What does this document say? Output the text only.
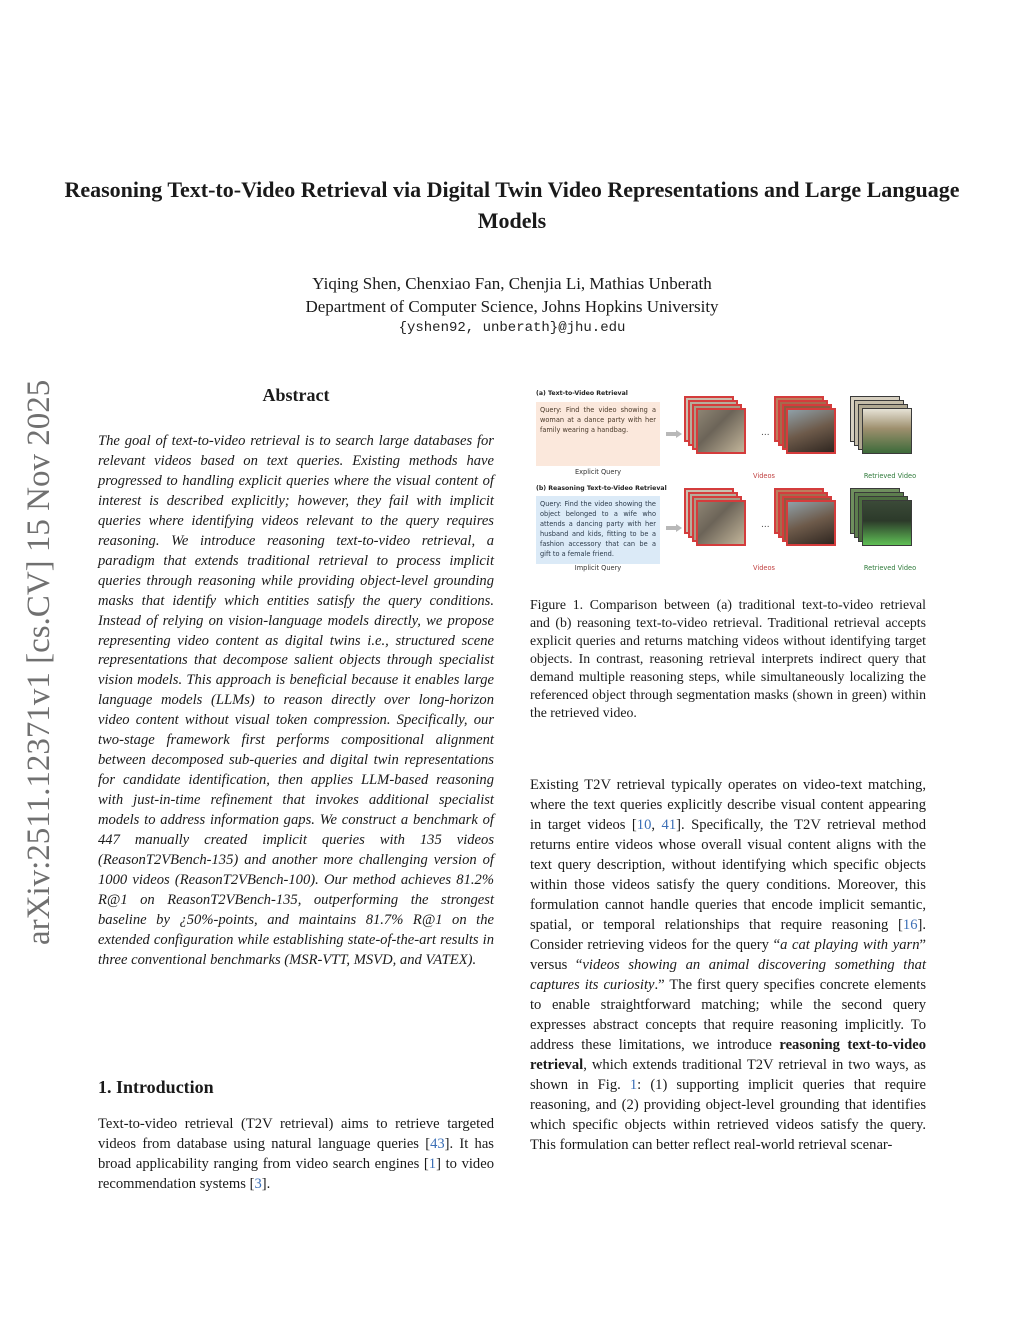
arXiv:2511.12371v1 [cs.CV] 15 Nov 2025
Reasoning Text-to-Video Retrieval via Digital Twin Video Representations and Large Language Models
Yiqing Shen, Chenxiao Fan, Chenjia Li, Mathias Unberath
Department of Computer Science, Johns Hopkins University
{yshen92, unberath}@jhu.edu
Abstract
The goal of text-to-video retrieval is to search large databases for relevant videos based on text queries. Existing methods have progressed to handling explicit queries where the visual content of interest is described explicitly; however, they fail with implicit queries where identifying videos relevant to the query requires reasoning. We introduce reasoning text-to-video retrieval, a paradigm that extends traditional retrieval to process implicit queries through reasoning while providing object-level grounding masks that identify which entities satisfy the query conditions. Instead of relying on vision-language models directly, we propose representing video content as digital twins i.e., structured scene representations that decompose salient objects through specialist vision models. This approach is beneficial because it enables large language models (LLMs) to reason directly over long-horizon video content without visual token compression. Specifically, our two-stage framework first performs compositional alignment between decomposed sub-queries and digital twin representations for candidate identification, then applies LLM-based reasoning with just-in-time refinement that invokes additional specialist models to address information gaps. We construct a benchmark of 447 manually created implicit queries with 135 videos (ReasonT2VBench-135) and another more challenging version of 1000 videos (ReasonT2VBench-100). Our method achieves 81.2% R@1 on ReasonT2VBench-135, outperforming the strongest baseline by ¿50%-points, and maintains 81.7% R@1 on the extended configuration while establishing state-of-the-art results in three conventional benchmarks (MSR-VTT, MSVD, and VATEX).
1. Introduction
Text-to-video retrieval (T2V retrieval) aims to retrieve targeted videos from database using natural language queries [43]. It has broad applicability ranging from video search engines [1] to video recommendation systems [3].
(a) Text-to-Video Retrieval
Query: Find the video showing a woman at a dance party with her family wearing a handbag.
Explicit Query
...
Videos	Retrieved Video
(b) Reasoning Text-to-Video Retrieval
Query: Find the video showing the object belonged to a wife who attends a dancing party with her husband and kids, fitting to be a fashion accessory that can be a gift to a female friend.
Implicit Query
...
Videos	Retrieved Video
Figure 1. Comparison between (a) traditional text-to-video retrieval and (b) reasoning text-to-video retrieval. Traditional retrieval accepts explicit queries and returns matching videos without identifying target objects. In contrast, reasoning retrieval interprets indirect query that demand multiple reasoning steps, while simultaneously localizing the referenced object through segmentation masks (shown in green) within the retrieved video.
Existing T2V retrieval typically operates on video-text matching, where the text queries explicitly describe visual content appearing in target videos [10, 41]. Specifically, the T2V retrieval method returns entire videos whose overall visual content aligns with the text query description, without identifying which specific objects within those videos satisfy the query conditions. Moreover, this formulation cannot handle queries that encode implicit semantic, spatial, or temporal relationships that require reasoning [16]. Consider retrieving videos for the query “a cat playing with yarn” versus “videos showing an animal discovering something that captures its curiosity.” The first query specifies concrete elements to enable straightforward matching; while the second query expresses abstract concepts that require reasoning implicitly. To address these limitations, we introduce reasoning text-to-video retrieval, which extends traditional T2V retrieval in two ways, as shown in Fig. 1: (1) supporting implicit queries that require reasoning, and (2) providing object-level grounding that identifies which specific objects within retrieved videos satisfy the query. This formulation can better reflect real-world retrieval scenar-
